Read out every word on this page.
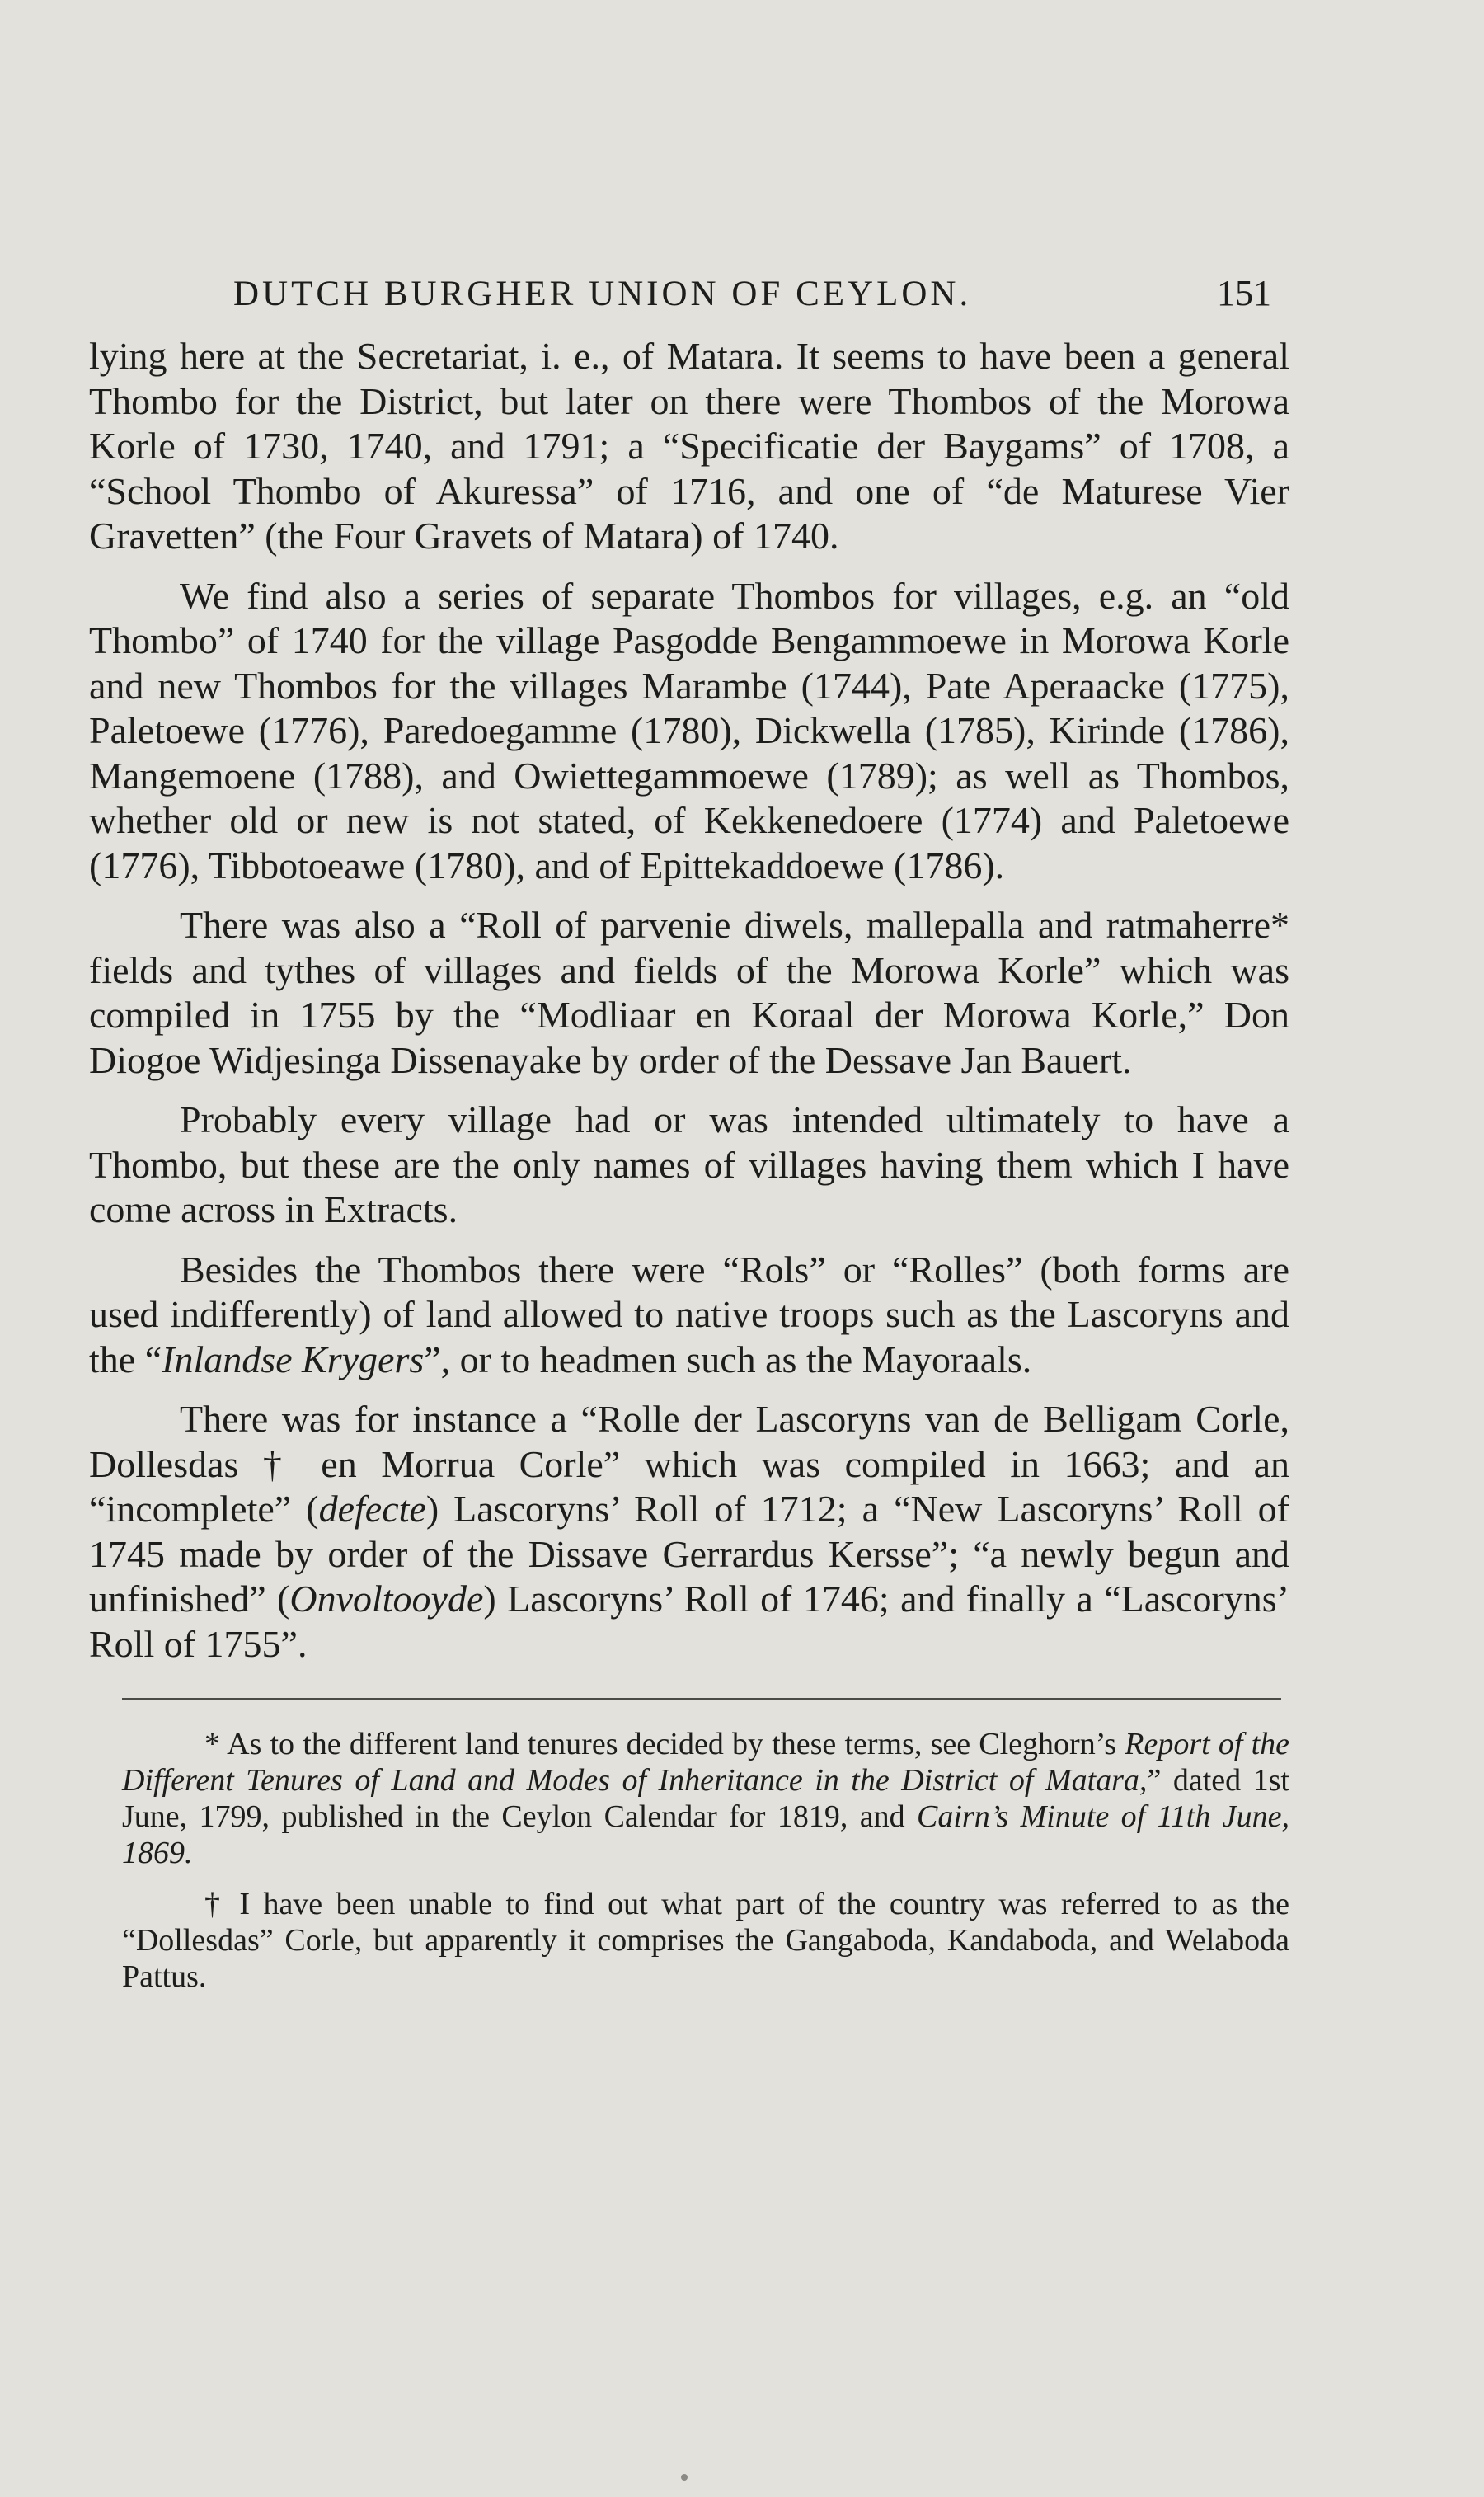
DUTCH BURGHER UNION OF CEYLON.	151

lying here at the Secretariat, i. e., of Matara. It seems to have been a general Thombo for the District, but later on there were Thombos of the Morowa Korle of 1730, 1740, and 1791; a “Specificatie der Baygams” of 1708, a “School Thombo of Akuressa” of 1716, and one of “de Maturese Vier Gravetten” (the Four Gravets of Matara) of 1740.

We find also a series of separate Thombos for villages, e.g. an “old Thombo” of 1740 for the village Pasgodde Bengammoewe in Morowa Korle and new Thombos for the villages Marambe (1744), Pate Aperaacke (1775), Paletoewe (1776), Paredoegamme (1780), Dickwella (1785), Kirinde (1786), Mangemoene (1788), and Owiettegammoewe (1789); as well as Thombos, whether old or new is not stated, of Kekkenedoere (1774) and Paletoewe (1776), Tibbotoeawe (1780), and of Epittekaddoewe (1786).

There was also a “Roll of parvenie diwels, mallepalla and ratmaherre* fields and tythes of villages and fields of the Morowa Korle” which was compiled in 1755 by the “Modliaar en Koraal der Morowa Korle,” Don Diogoe Widjesinga Dissenayake by order of the Dessave Jan Bauert.

Probably every village had or was intended ultimately to have a Thombo, but these are the only names of villages having them which I have come across in Extracts.

Besides the Thombos there were “Rols” or “Rolles” (both forms are used indifferently) of land allowed to native troops such as the Lascoryns and the “Inlandse Krygers”, or to headmen such as the Mayoraals.

There was for instance a “Rolle der Lascoryns van de Belligam Corle, Dollesdas † en Morrua Corle” which was compiled in 1663; and an “incomplete” (defecte) Lascoryns’ Roll of 1712; a “New Lascoryns’ Roll of 1745 made by order of the Dissave Gerrardus Kersse”; “a newly begun and unfinished” (Onvoltooyde) Lascoryns’ Roll of 1746; and finally a “Lascoryns’ Roll of 1755”.

* As to the different land tenures decided by these terms, see Cleghorn’s Report of the Different Tenures of Land and Modes of Inheritance in the District of Matara,” dated 1st June, 1799, published in the Ceylon Calendar for 1819, and Cairn’s Minute of 11th June, 1869.

† I have been unable to find out what part of the country was referred to as the “Dollesdas” Corle, but apparently it comprises the Gangaboda, Kandaboda, and Welaboda Pattus.
